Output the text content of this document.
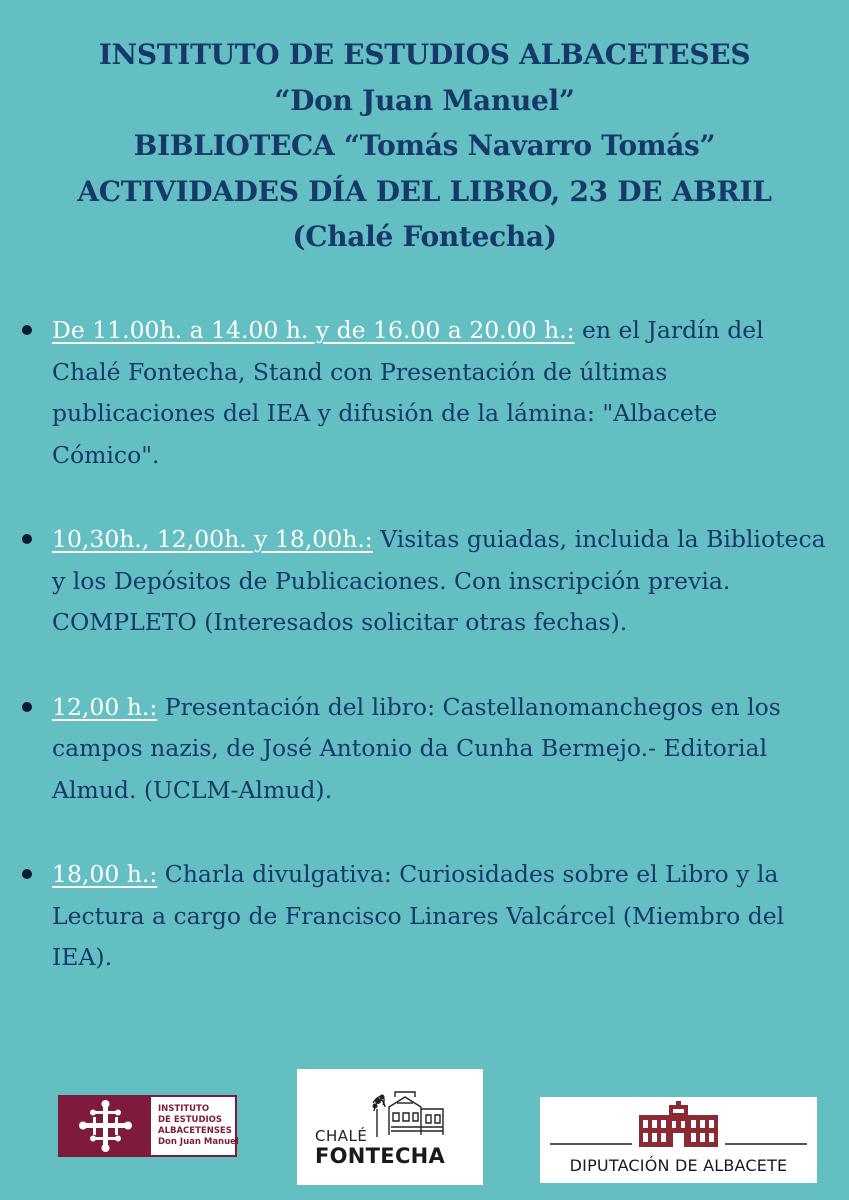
INSTITUTO DE ESTUDIOS ALBACETESES
“Don Juan Manuel”
BIBLIOTECA “Tomás Navarro Tomás”
ACTIVIDADES DÍA DEL LIBRO, 23 DE ABRIL
(Chalé Fontecha)
De 11.00h. a 14.00 h. y de 16.00 a 20.00 h.: en el Jardín del Chalé Fontecha, Stand con Presentación de últimas publicaciones del IEA y difusión de la lámina: "Albacete Cómico".
10,30h., 12,00h. y 18,00h.: Visitas guiadas, incluida la Biblioteca y los Depósitos de Publicaciones. Con inscripción previa. COMPLETO (Interesados solicitar otras fechas).
12,00 h.: Presentación del libro: Castellanomanchegos en los campos nazis, de José Antonio da Cunha Bermejo.- Editorial Almud. (UCLM-Almud).
18,00 h.: Charla divulgativa: Curiosidades sobre el Libro y la Lectura a cargo de Francisco Linares Valcárcel (Miembro del IEA).
INSTITUTO
DE ESTUDIOS
ALBACETENSES
Don Juan Manuel	CHALÉ
FONTECHA	DIPUTACIÓN DE ALBACETE
